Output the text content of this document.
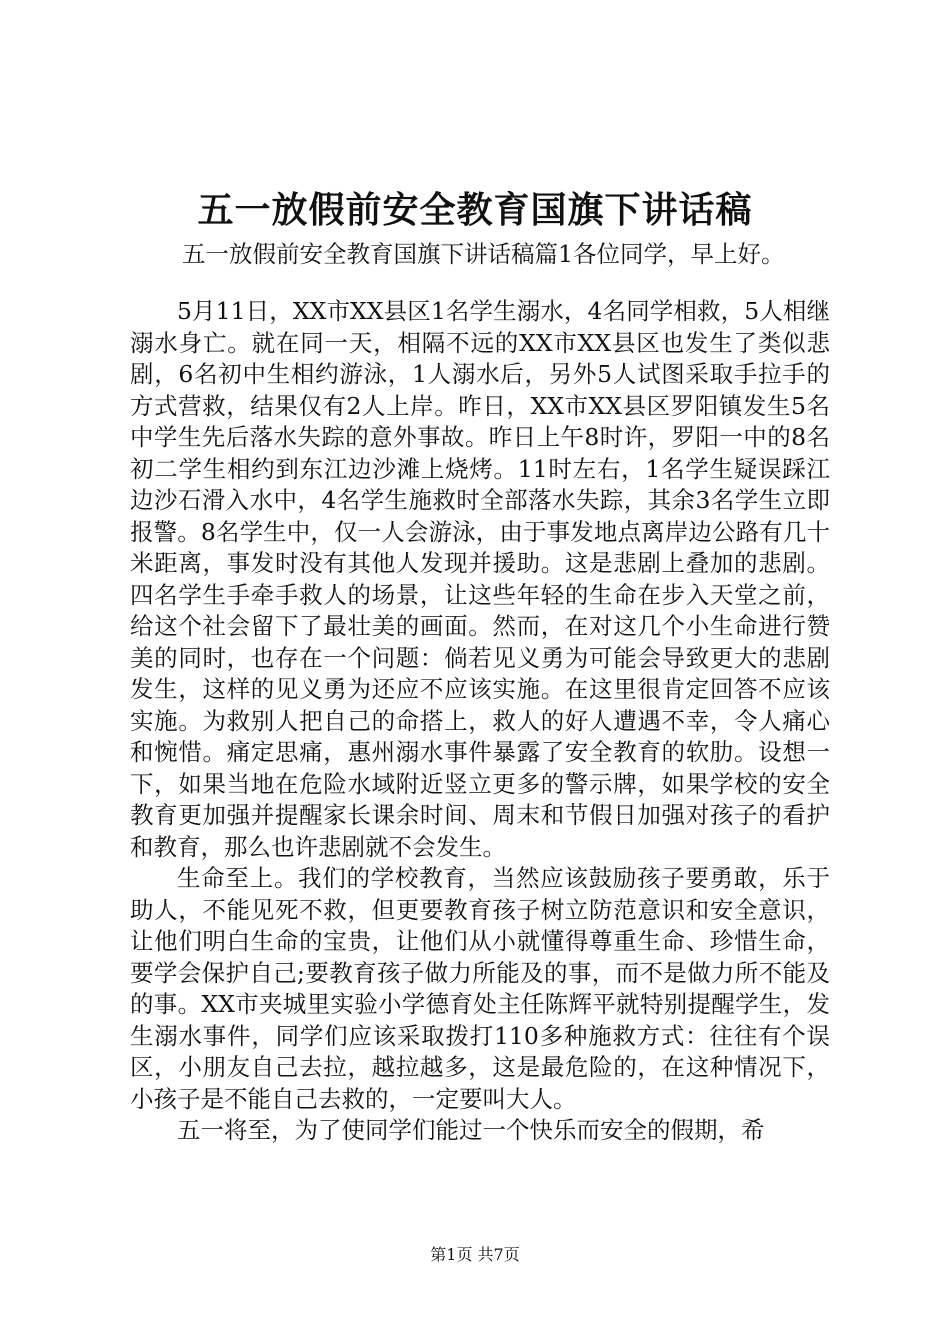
五一放假前安全教育国旗下讲话稿
五一放假前安全教育国旗下讲话稿篇1各位同学，早上好。

5月11日，XX市XX县区1名学生溺水，4名同学相救，5人相继溺水身亡。就在同一天，相隔不远的XX市XX县区也发生了类似悲剧，6名初中生相约游泳，1人溺水后，另外5人试图采取手拉手的方式营救，结果仅有2人上岸。昨日，XX市XX县区罗阳镇发生5名中学生先后落水失踪的意外事故。昨日上午8时许，罗阳一中的8名初二学生相约到东江边沙滩上烧烤。11时左右，1名学生疑误踩江边沙石滑入水中，4名学生施救时全部落水失踪，其余3名学生立即报警。8名学生中，仅一人会游泳，由于事发地点离岸边公路有几十米距离，事发时没有其他人发现并援助。这是悲剧上叠加的悲剧。四名学生手牵手救人的场景，让这些年轻的生命在步入天堂之前，给这个社会留下了最壮美的画面。然而，在对这几个小生命进行赞美的同时，也存在一个问题：倘若见义勇为可能会导致更大的悲剧发生，这样的见义勇为还应不应该实施。在这里很肯定回答不应该实施。为救别人把自己的命搭上，救人的好人遭遇不幸，令人痛心和惋惜。痛定思痛，惠州溺水事件暴露了安全教育的软肋。设想一下，如果当地在危险水域附近竖立更多的警示牌，如果学校的安全教育更加强并提醒家长课余时间、周末和节假日加强对孩子的看护和教育，那么也许悲剧就不会发生。

生命至上。我们的学校教育，当然应该鼓励孩子要勇敢，乐于助人，不能见死不救，但更要教育孩子树立防范意识和安全意识，让他们明白生命的宝贵，让他们从小就懂得尊重生命、珍惜生命，要学会保护自己;要教育孩子做力所能及的事，而不是做力所不能及的事。XX市夹城里实验小学德育处主任陈辉平就特别提醒学生，发生溺水事件，同学们应该采取拨打110多种施救方式：往往有个误区，小朋友自己去拉，越拉越多，这是最危险的，在这种情况下，小孩子是不能自己去救的，一定要叫大人。

五一将至，为了使同学们能过一个快乐而安全的假期，希

第1页 共7页
